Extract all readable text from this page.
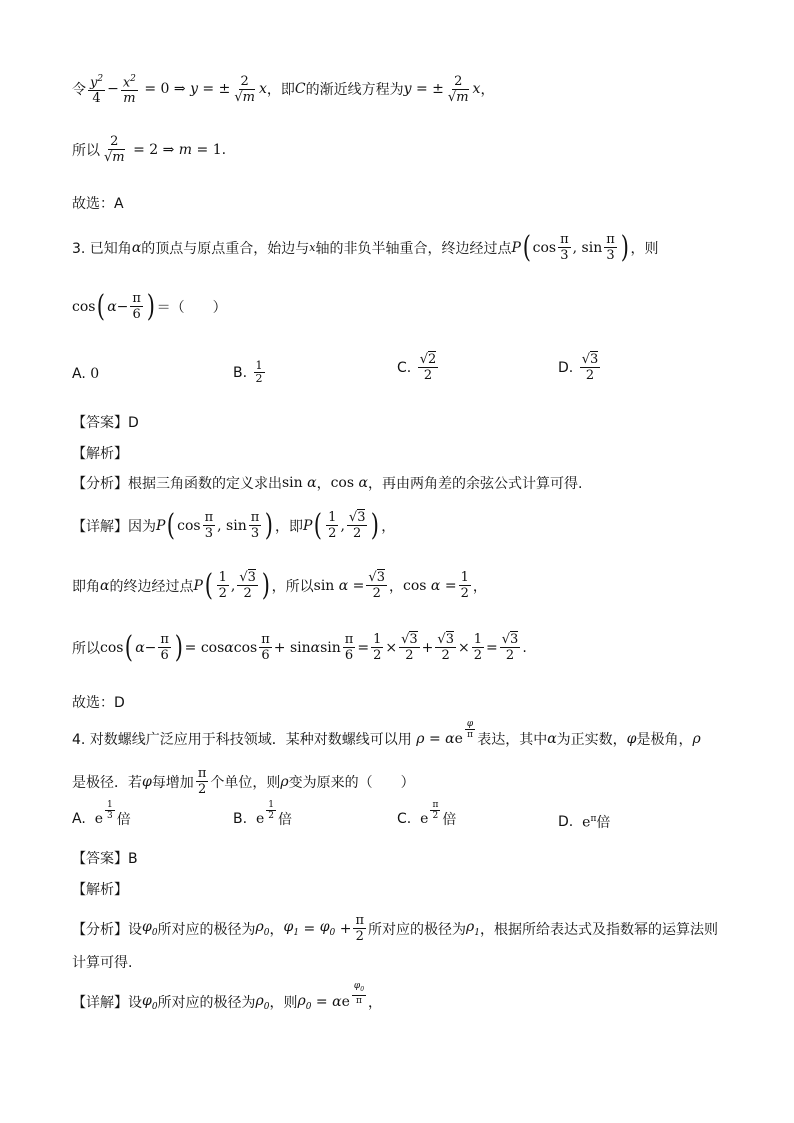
令 $\frac{y^2}{4} - \frac{x^2}{m} = 0$ ⇒ y = ± $\frac{2}{√m}$ x ，即 C 的渐近线方程为 y = ± $\frac{2}{√m}$ x ，
所以 $\frac{2}{√m} = 2$ ⇒ m = 1 .
故选：A
3. 已知角 α 的顶点与原点重合，始边与 x 轴的非负半轴重合，终边经过点 P ( $\cos \frac{\pi}{3}$ , $\sin \frac{\pi}{3}$ ) ，则
cos ( $\alpha - \frac{\pi}{6}$ ) ＝（　　）
A.
0	B.
$\frac{1}{2}$	C.
$\frac{√2}{2}$	D.
$\frac{√3}{2}$
【答案】D
【解析】
【分析】根据三角函数的定义求出 sin α ， cos α ，再由两角差的余弦公式计算可得.
【详解】因为 P ( $\cos \frac{\pi}{3}$ , $\sin \frac{\pi}{3}$ ) ，即 P ( $\frac{1}{2}$ , $\frac{√3}{2}$ ) ，
即角 α 的终边经过点 P ( $\frac{1}{2}$ , $\frac{√3}{2}$ ) ，所以 $\sin \alpha = \frac{√3}{2}$ ， $\cos \alpha = \frac{1}{2}$ ，
所以 cos ( $\alpha - \frac{\pi}{6}$ ) = cos α $\cos \frac{\pi}{6} + \sin \alpha$ $\sin \frac{\pi}{6} = \frac{1}{2} \times \frac{√3}{2} + \frac{√3}{2} \times \frac{1}{2} = \frac{√3}{2}$ .
故选：D
4. 对数螺线广泛应用于科技领域．某种对数螺线可以用 ρ = α e $\frac{\varphi}{\pi}$ 表达，其中 α 为正实数， φ 是极角， ρ
是极径．若 φ 每增加 $\frac{\pi}{2}$ 个单位，则 ρ 变为原来的（　　）
A.
e $\frac{1}{3}$ 倍	B.
e $\frac{1}{2}$ 倍	C.
e $\frac{\pi}{2}$ 倍	D.
$e^\pi$ 倍
【答案】B
【解析】
【分析】设 $\varphi_0$ 所对应的极径为 $\rho_0$ ， $\varphi_1 = \varphi_0 + \frac{\pi}{2}$ 所对应的极径为 $\rho_1$ ，根据所给表达式及指数幂的运算法则
计算可得.
【详解】设 $\varphi_0$ 所对应的极径为 $\rho_0$ ，则 $\rho_0 = \alpha$ e $\frac{\varphi_0}{\pi}$ ，
